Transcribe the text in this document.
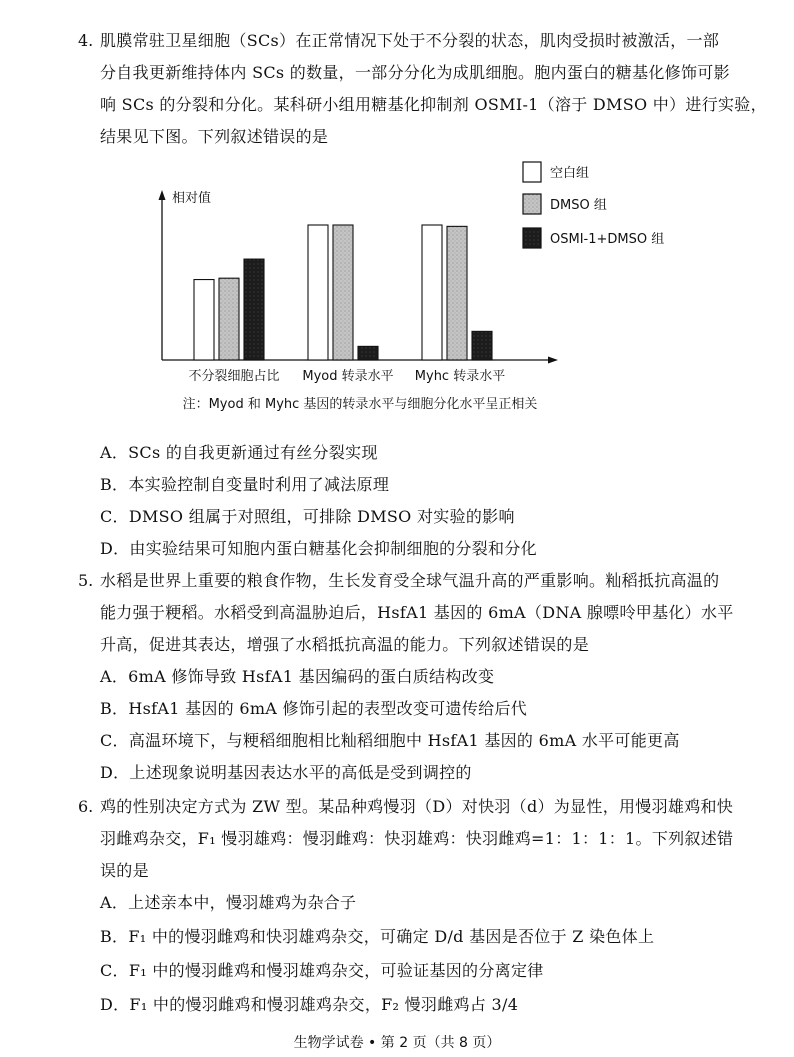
4. 肌膜常驻卫星细胞（SCs）在正常情况下处于不分裂的状态，肌肉受损时被激活，一部
分自我更新维持体内 SCs 的数量，一部分分化为成肌细胞。胞内蛋白的糖基化修饰可影
响 SCs 的分裂和分化。某科研小组用糖基化抑制剂 OSMI-1（溶于 DMSO 中）进行实验，
结果见下图。下列叙述错误的是
相对值
不分裂细胞占比 Myod 转录水平 Myhc 转录水平
注：Myod 和 Myhc 基因的转录水平与细胞分化水平呈正相关
空白组
DMSO 组
OSMI-1+DMSO 组
A．SCs 的自我更新通过有丝分裂实现
B．本实验控制自变量时利用了减法原理
C．DMSO 组属于对照组，可排除 DMSO 对实验的影响
D．由实验结果可知胞内蛋白糖基化会抑制细胞的分裂和分化
5. 水稻是世界上重要的粮食作物，生长发育受全球气温升高的严重影响。籼稻抵抗高温的
能力强于粳稻。水稻受到高温胁迫后，HsfA1 基因的 6mA（DNA 腺嘌呤甲基化）水平
升高，促进其表达，增强了水稻抵抗高温的能力。下列叙述错误的是
A．6mA 修饰导致 HsfA1 基因编码的蛋白质结构改变
B．HsfA1 基因的 6mA 修饰引起的表型改变可遗传给后代
C．高温环境下，与粳稻细胞相比籼稻细胞中 HsfA1 基因的 6mA 水平可能更高
D．上述现象说明基因表达水平的高低是受到调控的
6. 鸡的性别决定方式为 ZW 型。某品种鸡慢羽（D）对快羽（d）为显性，用慢羽雄鸡和快
羽雌鸡杂交，F₁ 慢羽雄鸡：慢羽雌鸡：快羽雄鸡：快羽雌鸡=1：1：1：1。下列叙述错
误的是
A．上述亲本中，慢羽雄鸡为杂合子
B．F₁ 中的慢羽雌鸡和快羽雄鸡杂交，可确定 D/d 基因是否位于 Z 染色体上
C．F₁ 中的慢羽雌鸡和慢羽雄鸡杂交，可验证基因的分离定律
D．F₁ 中的慢羽雌鸡和慢羽雄鸡杂交，F₂ 慢羽雌鸡占 3/4
生物学试卷 • 第 2 页（共 8 页）
